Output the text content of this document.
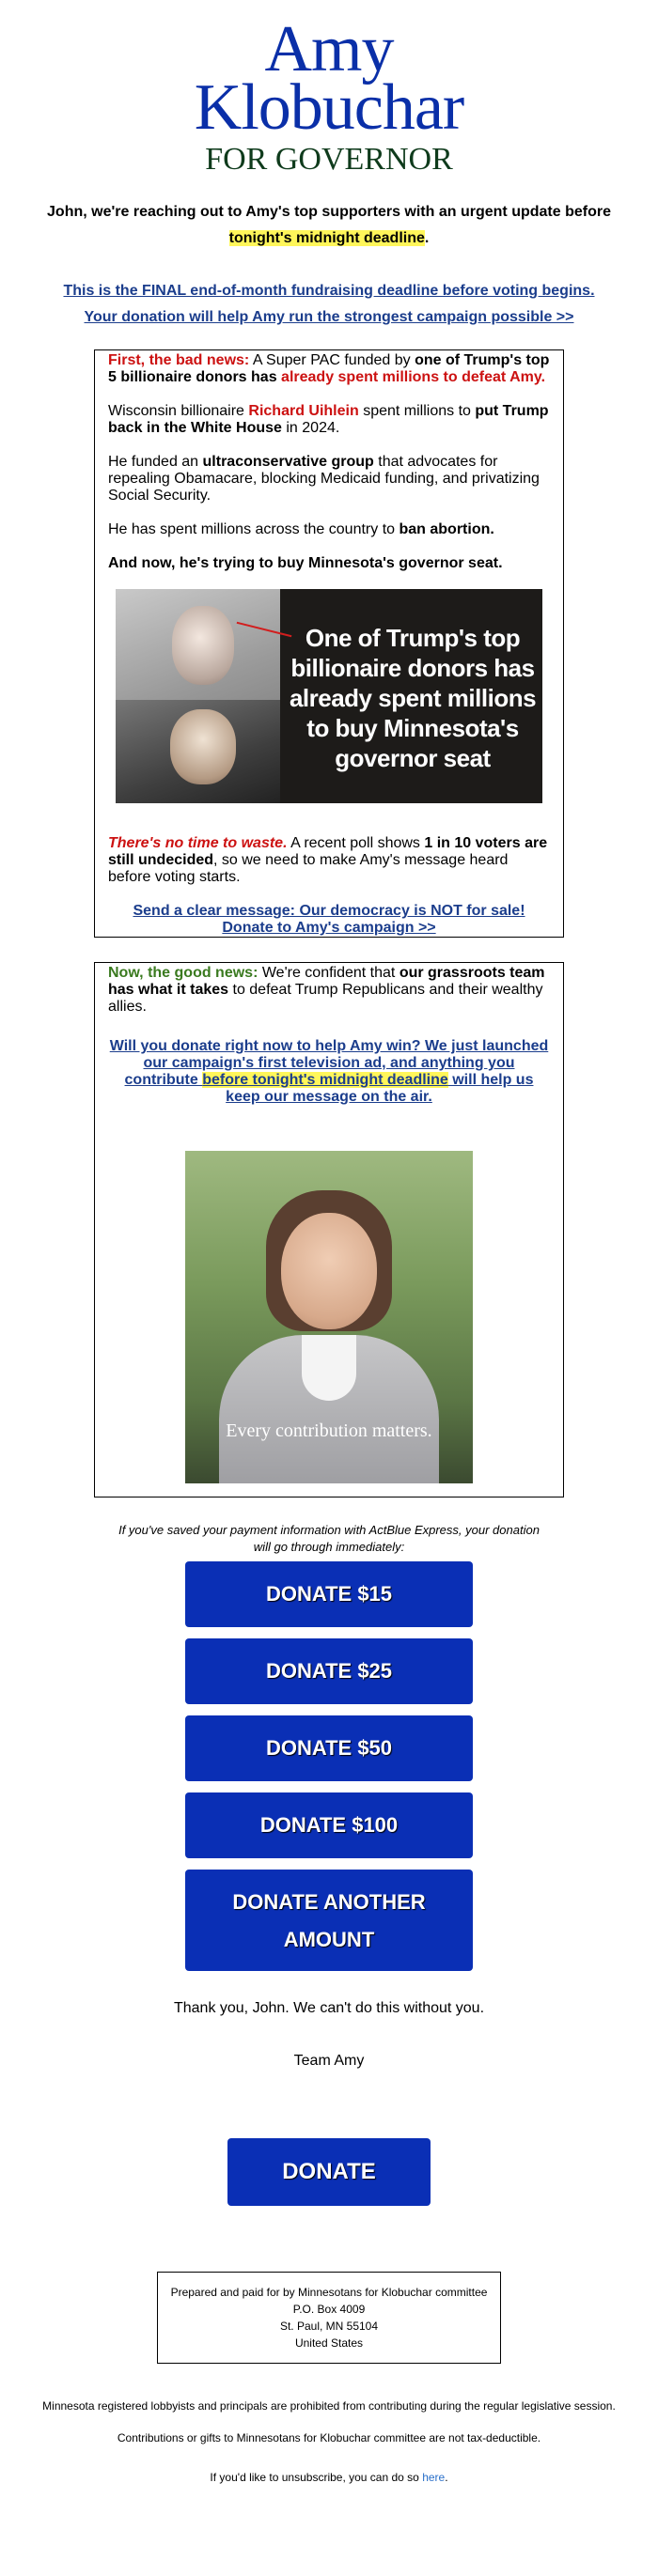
Amy
Klobuchar
FOR GOVERNOR
John, we're reaching out to Amy's top supporters with an urgent update before tonight's midnight deadline.
This is the FINAL end-of-month fundraising deadline before voting begins.
Your donation will help Amy run the strongest campaign possible >>

First, the bad news: A Super PAC funded by one of Trump's top 5 billionaire donors has already spent millions to defeat Amy.

Wisconsin billionaire Richard Uihlein spent millions to put Trump back in the White House in 2024.

He funded an ultraconservative group that advocates for repealing Obamacare, blocking Medicaid funding, and privatizing Social Security.

He has spent millions across the country to ban abortion.

And now, he's trying to buy Minnesota's governor seat.

One of Trump's top billionaire donors has already spent millions to buy Minnesota's governor seat

There's no time to waste. A recent poll shows 1 in 10 voters are still undecided, so we need to make Amy's message heard before voting starts.

Send a clear message: Our democracy is NOT for sale!
Donate to Amy's campaign >>

Now, the good news: We're confident that our grassroots team has what it takes to defeat Trump Republicans and their wealthy allies.

Will you donate right now to help Amy win? We just launched our campaign's first television ad, and anything you contribute before tonight's midnight deadline will help us keep our message on the air.

Every contribution matters.
If you've saved your payment information with ActBlue Express, your donation will go through immediately:
DONATE $15
DONATE $25
DONATE $50
DONATE $100
DONATE ANOTHER
AMOUNT
Thank you, John. We can't do this without you.
Team Amy
DONATE
Prepared and paid for by Minnesotans for Klobuchar committee
P.O. Box 4009
St. Paul, MN 55104
United States
Minnesota registered lobbyists and principals are prohibited from contributing during the regular legislative session.
Contributions or gifts to Minnesotans for Klobuchar committee are not tax-deductible.
If you'd like to unsubscribe, you can do so here.
